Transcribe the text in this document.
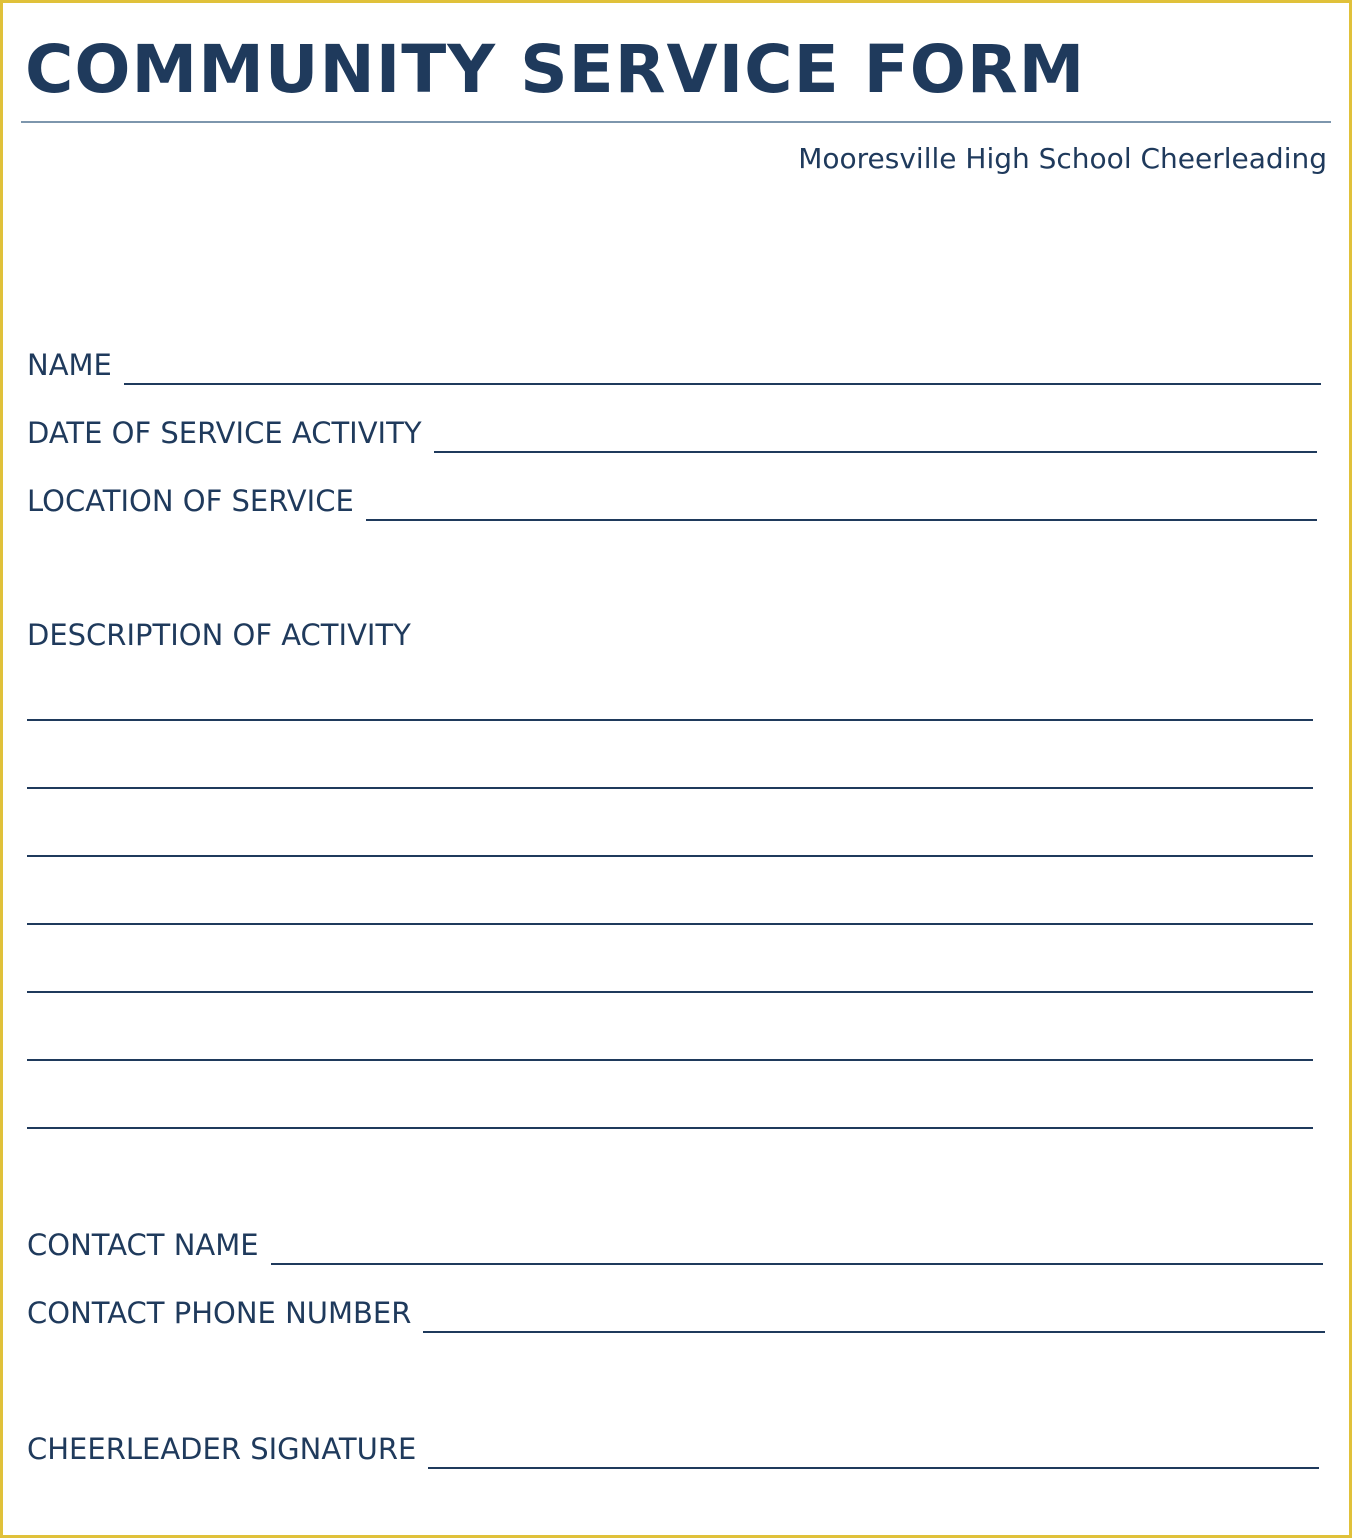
COMMUNITY SERVICE FORM
Mooresville High School Cheerleading
NAME
DATE OF SERVICE ACTIVITY
LOCATION OF SERVICE
DESCRIPTION OF ACTIVITY
CONTACT NAME
CONTACT PHONE NUMBER
CHEERLEADER SIGNATURE
